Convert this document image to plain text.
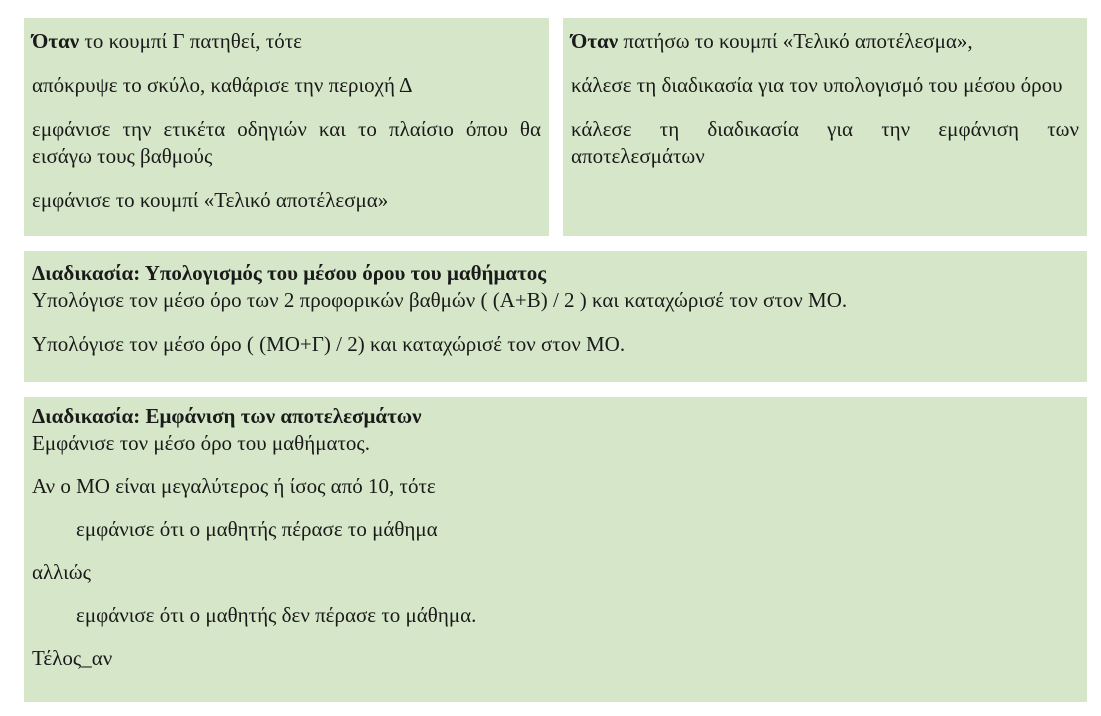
Όταν το κουμπί Γ πατηθεί, τότε
απόκρυψε το σκύλο, καθάρισε την περιοχή Δ
εμφάνισε την ετικέτα οδηγιών και το πλαίσιο όπου θα εισάγω τους βαθμούς
εμφάνισε το κουμπί «Τελικό αποτέλεσμα»
Όταν πατήσω το κουμπί «Τελικό αποτέλεσμα»,
κάλεσε τη διαδικασία για τον υπολογισμό του μέσου όρου
κάλεσε τη διαδικασία για την εμφάνιση των αποτελεσμάτων
Διαδικασία: Υπολογισμός του μέσου όρου του μαθήματος
Υπολόγισε τον μέσο όρο των 2 προφορικών βαθμών ( (Α+Β) / 2 ) και καταχώρισέ τον στον ΜΟ.
Υπολόγισε τον μέσο όρο ( (ΜΟ+Γ) / 2) και καταχώρισέ τον στον ΜΟ.
Διαδικασία: Εμφάνιση των αποτελεσμάτων
Εμφάνισε τον μέσο όρο του μαθήματος.
Αν ο ΜΟ είναι μεγαλύτερος ή ίσος από 10, τότε
εμφάνισε ότι ο μαθητής πέρασε το μάθημα
αλλιώς
εμφάνισε ότι ο μαθητής δεν πέρασε το μάθημα.
Τέλος_αν
